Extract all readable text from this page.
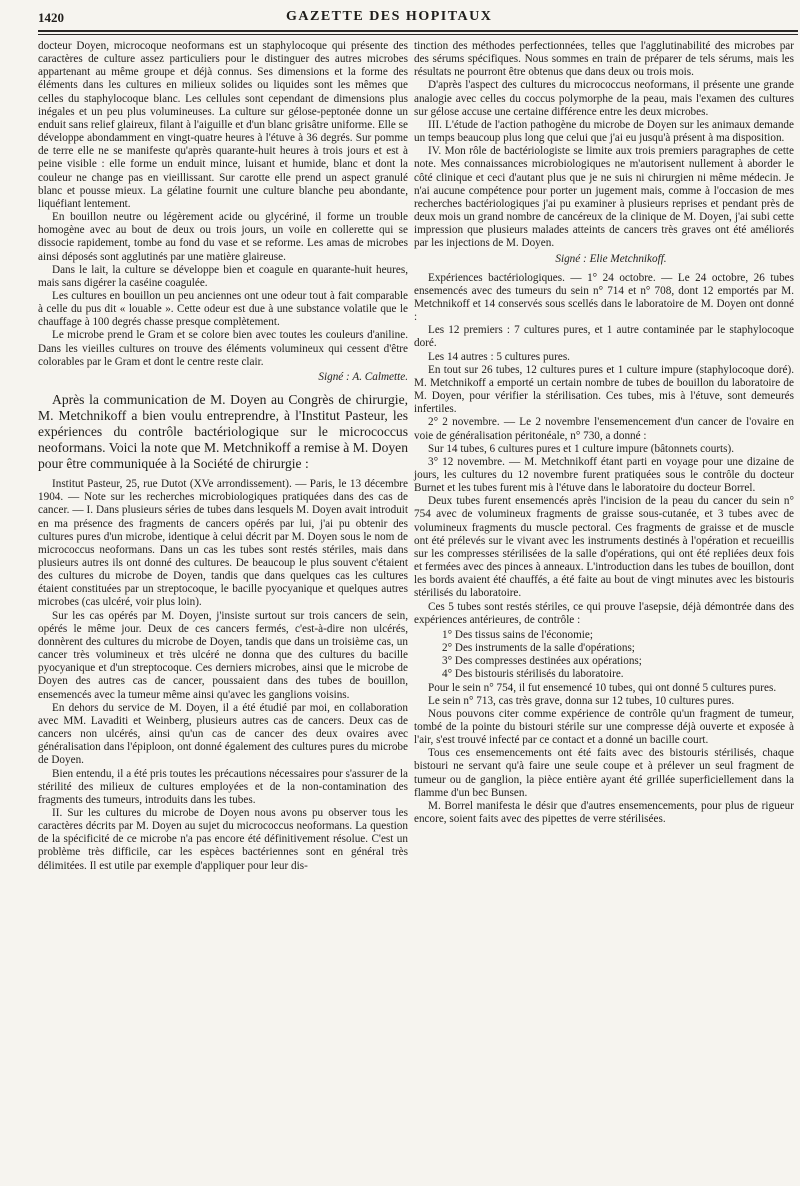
1420	GAZETTE DES HOPITAUX

docteur Doyen, microcoque neoformans est un staphylocoque qui présente des caractères de culture assez particuliers pour le distinguer des autres microbes appartenant au même groupe et déjà connus. Ses dimensions et la forme des éléments dans les cultures en milieux solides ou liquides sont les mêmes que celles du staphylocoque blanc. Les cellules sont cependant de dimensions plus inégales et un peu plus volumineuses. La culture sur gélose-peptonée donne un enduit sans relief glaireux, filant à l'aiguille et d'un blanc grisâtre uniforme. Elle se développe abondamment en vingt-quatre heures à l'étuve à 36 degrés. Sur pomme de terre elle ne se manifeste qu'après quarante-huit heures à trois jours et est à peine visible : elle forme un enduit mince, luisant et humide, blanc et dont la couleur ne change pas en vieillissant. Sur carotte elle prend un aspect granulé blanc et pousse mieux. La gélatine fournit une culture blanche peu abondante, liquéfiant lentement.

En bouillon neutre ou légèrement acide ou glycériné, il forme un trouble homogène avec au bout de deux ou trois jours, un voile en collerette qui se dissocie rapidement, tombe au fond du vase et se reforme. Les amas de microbes ainsi déposés sont agglutinés par une matière glaireuse.

Dans le lait, la culture se développe bien et coagule en quarante-huit heures, mais sans digérer la caséine coagulée.

Les cultures en bouillon un peu anciennes ont une odeur tout à fait comparable à celle du pus dit « louable ». Cette odeur est due à une substance volatile que le chauffage à 100 degrés chasse presque complètement.

Le microbe prend le Gram et se colore bien avec toutes les couleurs d'aniline. Dans les vieilles cultures on trouve des éléments volumineux qui cessent d'être colorables par le Gram et dont le centre reste clair.

Signé : A. Calmette.

Après la communication de M. Doyen au Congrès de chirurgie, M. Metchnikoff a bien voulu entreprendre, à l'Institut Pasteur, les expériences du contrôle bactériologique sur le micrococcus neoformans. Voici la note que M. Metchnikoff a remise à M. Doyen pour être communiquée à la Société de chirurgie :

Institut Pasteur, 25, rue Dutot (XVe arrondissement). — Paris, le 13 décembre 1904. — Note sur les recherches microbiologiques pratiquées dans des cas de cancer. — I. Dans plusieurs séries de tubes dans lesquels M. Doyen avait introduit en ma présence des fragments de cancers opérés par lui, j'ai pu obtenir des cultures pures d'un microbe, identique à celui décrit par M. Doyen sous le nom de micrococcus neoformans. Dans un cas les tubes sont restés stériles, mais dans plusieurs autres ils ont donné des cultures. De beaucoup le plus souvent c'étaient des cultures du microbe de Doyen, tandis que dans quelques cas les cultures étaient constituées par un streptocoque, le bacille pyocyanique et quelques autres microbes (cas ulcéré, voir plus loin).

Sur les cas opérés par M. Doyen, j'insiste surtout sur trois cancers de sein, opérés le même jour. Deux de ces cancers fermés, c'est-à-dire non ulcérés, donnèrent des cultures du microbe de Doyen, tandis que dans un troisième cas, un cancer très volumineux et très ulcéré ne donna que des cultures du bacille pyocyanique et d'un streptocoque. Ces derniers microbes, ainsi que le microbe de Doyen des autres cas de cancer, poussaient dans des tubes de bouillon, ensemencés avec la tumeur même ainsi qu'avec les ganglions voisins.

En dehors du service de M. Doyen, il a été étudié par moi, en collaboration avec MM. Lavaditi et Weinberg, plusieurs autres cas de cancers. Deux cas de cancers non ulcérés, ainsi qu'un cas de cancer des deux ovaires avec généralisation dans l'épiploon, ont donné également des cultures pures du microbe de Doyen.

Bien entendu, il a été pris toutes les précautions nécessaires pour s'assurer de la stérilité des milieux de cultures employées et de la non-contamination des fragments des tumeurs, introduits dans les tubes.

II. Sur les cultures du microbe de Doyen nous avons pu observer tous les caractères décrits par M. Doyen au sujet du micrococcus neoformans. La question de la spécificité de ce microbe n'a pas encore été définitivement résolue. C'est un problème très difficile, car les espèces bactériennes sont en général très délimitées. Il est utile par exemple d'appliquer pour leur dis-

tinction des méthodes perfectionnées, telles que l'agglutinabilité des microbes par des sérums spécifiques. Nous sommes en train de préparer de tels sérums, mais les résultats ne pourront être obtenus que dans deux ou trois mois.

D'après l'aspect des cultures du micrococcus neoformans, il présente une grande analogie avec celles du coccus polymorphe de la peau, mais l'examen des cultures sur gélose accuse une certaine différence entre les deux microbes.

III. L'étude de l'action pathogène du microbe de Doyen sur les animaux demande un temps beaucoup plus long que celui que j'ai eu jusqu'à présent à ma disposition.

IV. Mon rôle de bactériologiste se limite aux trois premiers paragraphes de cette note. Mes connaissances microbiologiques ne m'autorisent nullement à aborder le côté clinique et ceci d'autant plus que je ne suis ni chirurgien ni même médecin. Je n'ai aucune compétence pour porter un jugement mais, comme à l'occasion de mes recherches bactériologiques j'ai pu examiner à plusieurs reprises et pendant près de deux mois un grand nombre de cancéreux de la clinique de M. Doyen, j'ai subi cette impression que plusieurs malades atteints de cancers très graves ont été améliorés par les injections de M. Doyen.

Signé : Elie Metchnikoff.

Expériences bactériologiques. — 1° 24 octobre. — Le 24 octobre, 26 tubes ensemencés avec des tumeurs du sein n° 714 et n° 708, dont 12 emportés par M. Metchnikoff et 14 conservés sous scellés dans le laboratoire de M. Doyen ont donné :

Les 12 premiers : 7 cultures pures, et 1 autre contaminée par le staphylocoque doré.

Les 14 autres : 5 cultures pures.

En tout sur 26 tubes, 12 cultures pures et 1 culture impure (staphylocoque doré). M. Metchnikoff a emporté un certain nombre de tubes de bouillon du laboratoire de M. Doyen, pour vérifier la stérilisation. Ces tubes, mis à l'étuve, sont demeurés infertiles.

2° 2 novembre. — Le 2 novembre l'ensemencement d'un cancer de l'ovaire en voie de généralisation péritonéale, n° 730, a donné :

Sur 14 tubes, 6 cultures pures et 1 culture impure (bâtonnets courts).

3° 12 novembre. — M. Metchnikoff étant parti en voyage pour une dizaine de jours, les cultures du 12 novembre furent pratiquées sous le contrôle du docteur Burnet et les tubes furent mis à l'étuve dans le laboratoire du docteur Borrel.

Deux tubes furent ensemencés après l'incision de la peau du cancer du sein n° 754 avec de volumineux fragments de graisse sous-cutanée, et 3 tubes avec de volumineux fragments du muscle pectoral. Ces fragments de graisse et de muscle ont été prélevés sur le vivant avec les instruments destinés à l'opération et recueillis sur les compresses stérilisées de la salle d'opérations, qui ont été repliées deux fois et fermées avec des pinces à anneaux. L'introduction dans les tubes de bouillon, dont les bords avaient été chauffés, a été faite au bout de vingt minutes avec les bistouris stérilisés du laboratoire.

Ces 5 tubes sont restés stériles, ce qui prouve l'asepsie, déjà démontrée dans des expériences antérieures, de contrôle :

1° Des tissus sains de l'économie;

2° Des instruments de la salle d'opérations;

3° Des compresses destinées aux opérations;

4° Des bistouris stérilisés du laboratoire.

Pour le sein n° 754, il fut ensemencé 10 tubes, qui ont donné 5 cultures pures.

Le sein n° 713, cas très grave, donna sur 12 tubes, 10 cultures pures.

Nous pouvons citer comme expérience de contrôle qu'un fragment de tumeur, tombé de la pointe du bistouri stérile sur une compresse déjà ouverte et exposée à l'air, s'est trouvé infecté par ce contact et a donné un bacille court.

Tous ces ensemencements ont été faits avec des bistouris stérilisés, chaque bistouri ne servant qu'à faire une seule coupe et à prélever un seul fragment de tumeur ou de ganglion, la pièce entière ayant été grillée superficiellement dans la flamme d'un bec Bunsen.

M. Borrel manifesta le désir que d'autres ensemencements, pour plus de rigueur encore, soient faits avec des pipettes de verre stérilisées.
